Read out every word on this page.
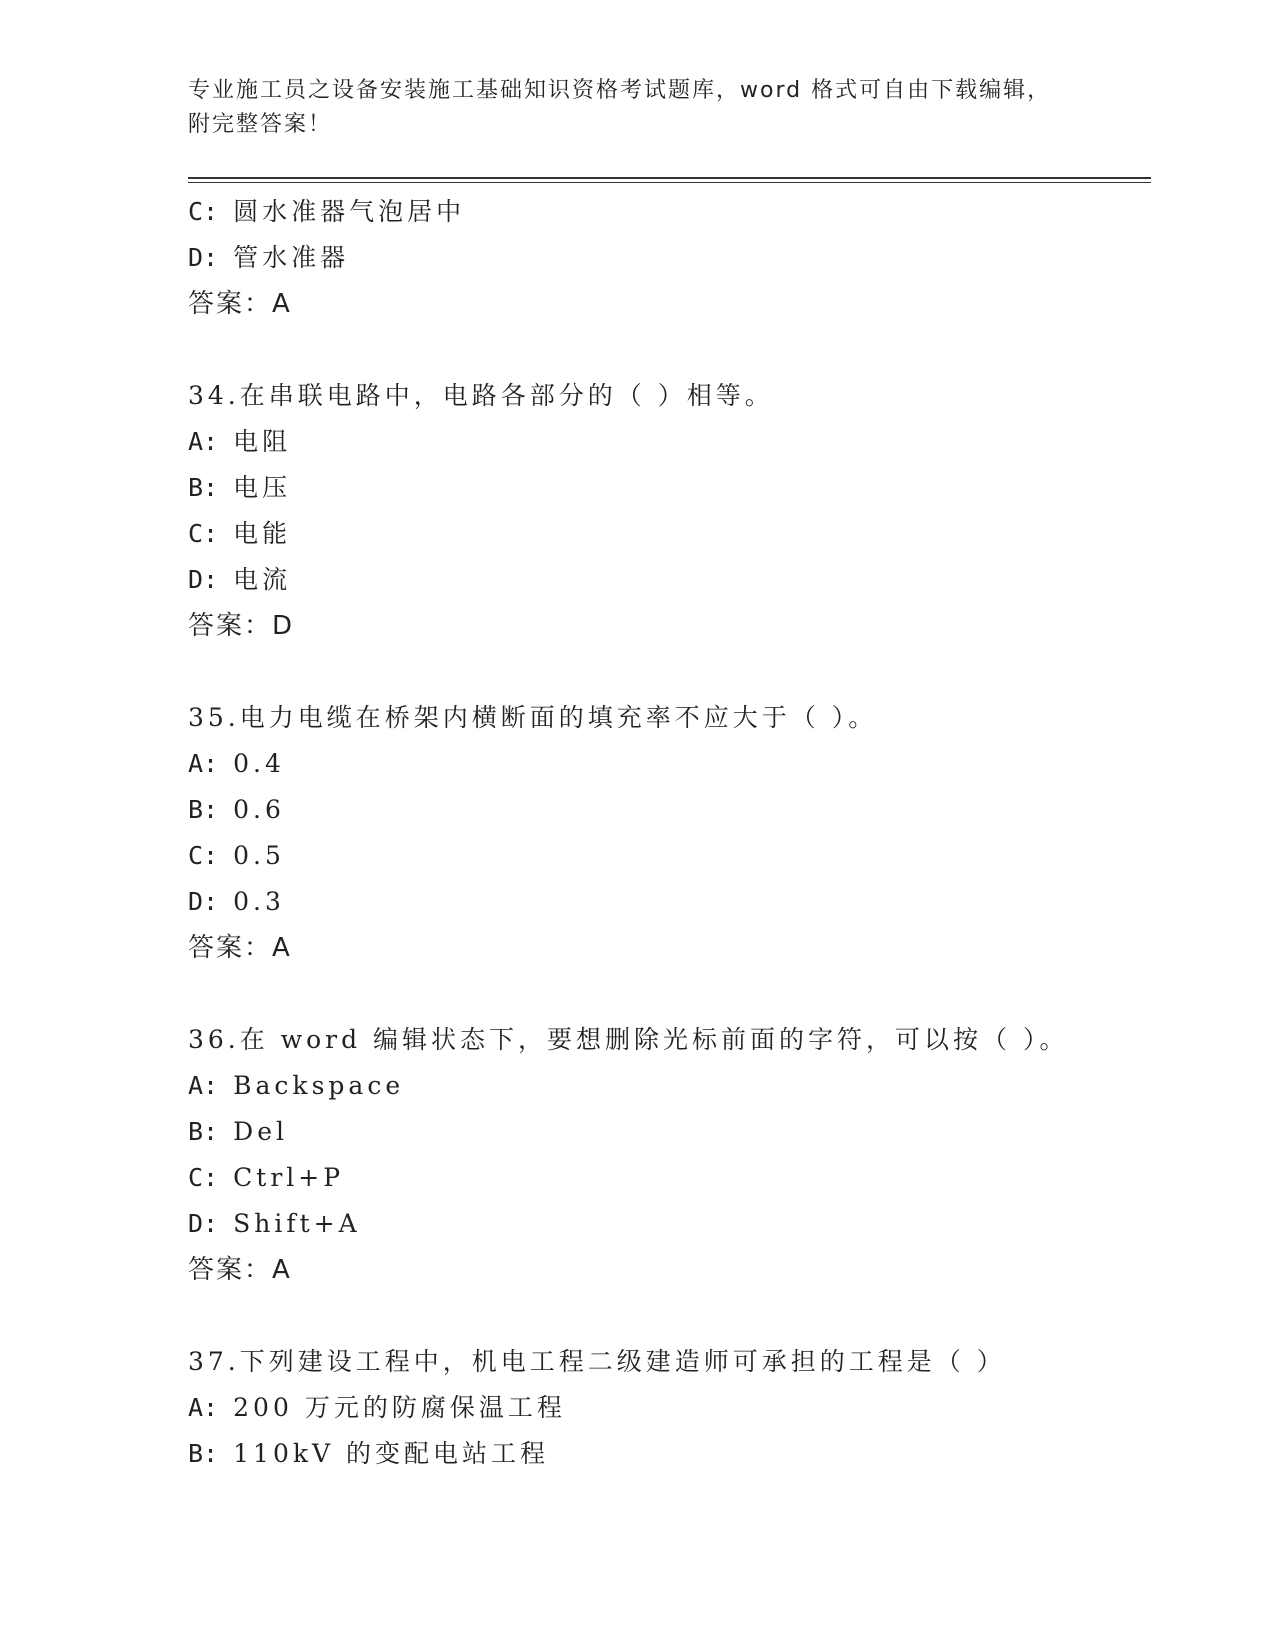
专业施工员之设备安装施工基础知识资格考试题库，word 格式可自由下载编辑，
附完整答案！
C: 圆水准器气泡居中
D: 管水准器
答案：A
34.在串联电路中，电路各部分的（ ）相等。
A: 电阻
B: 电压
C: 电能
D: 电流
答案：D
35.电力电缆在桥架内横断面的填充率不应大于（ ）。
A: 0.4
B: 0.6
C: 0.5
D: 0.3
答案：A
36.在 word 编辑状态下，要想删除光标前面的字符，可以按（ ）。
A: Backspace
B: Del
C: Ctrl+P
D: Shift+A
答案：A
37.下列建设工程中，机电工程二级建造师可承担的工程是（ ）
A: 200 万元的防腐保温工程
B: 110kV 的变配电站工程
